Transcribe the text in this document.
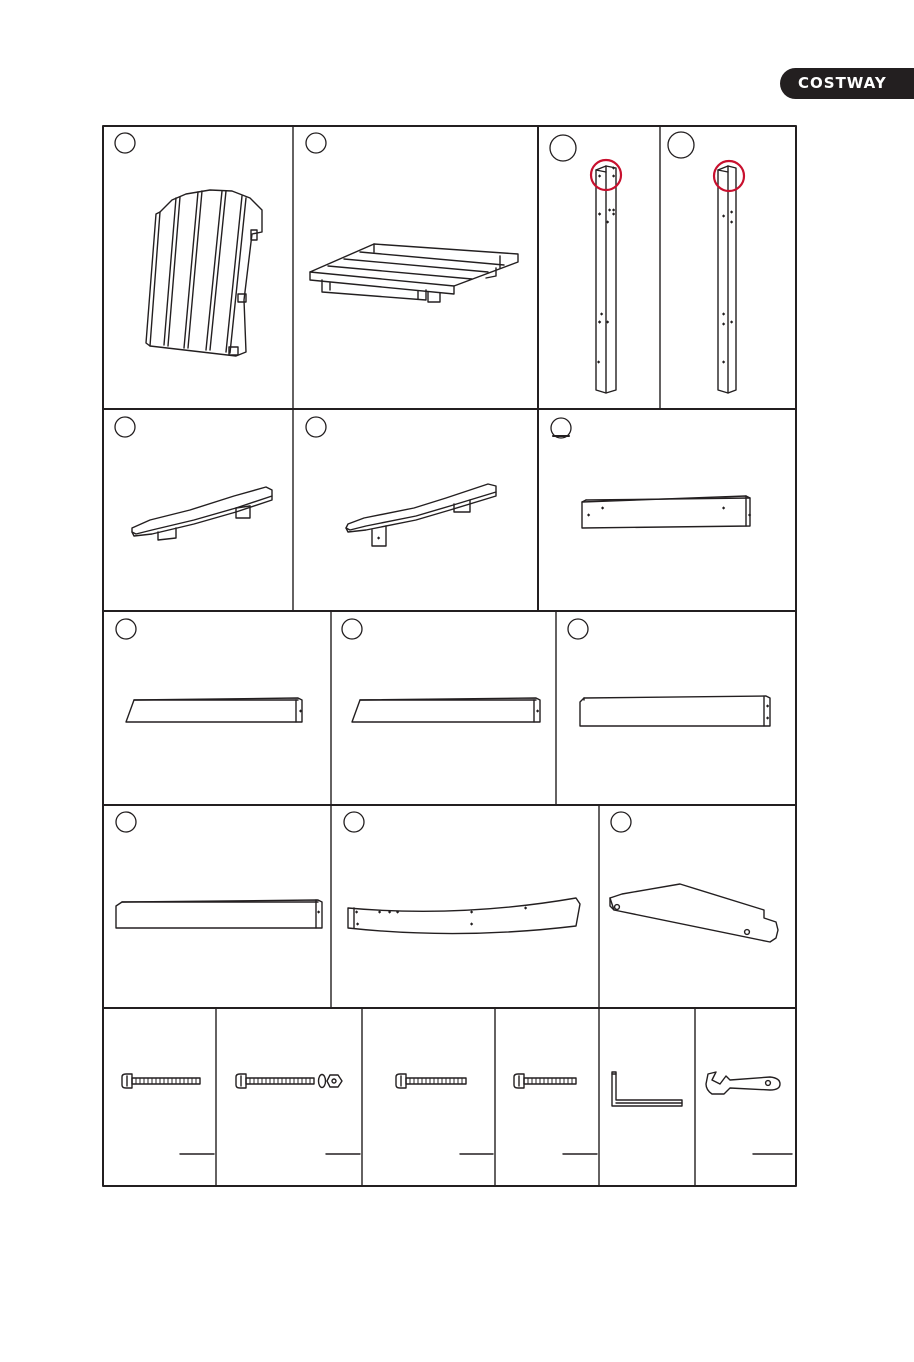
COSTWAY
